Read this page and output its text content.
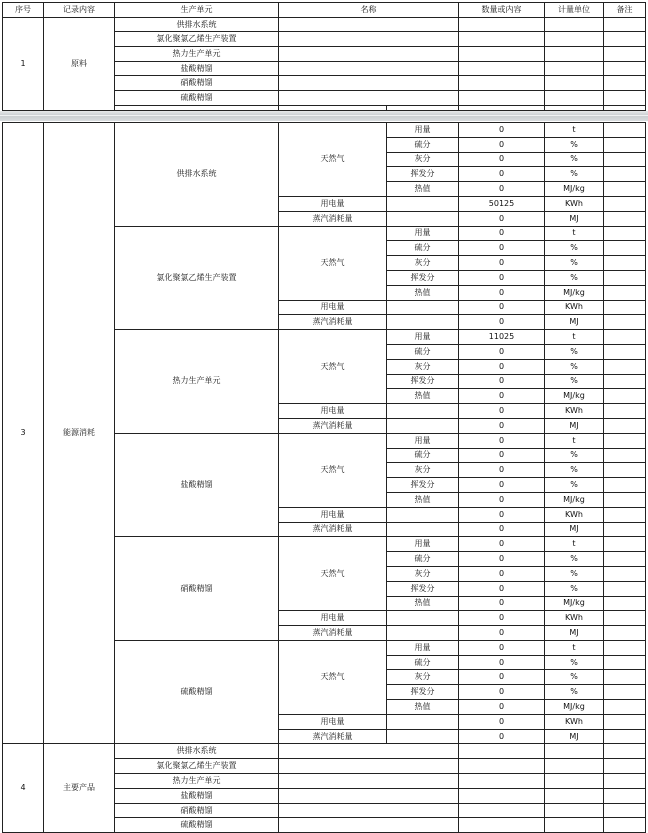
序号	记录内容	生产单元	名称		数量或内容	计量单位	备注
1	原料	供排水系统					
		氯化聚氯乙烯生产装置					
		热力生产单元					
		盐酸精馏					
		硝酸精馏					
		硫酸精馏					

3	能源消耗	供排水系统	天然气	用量	0	t	
				硫分	0	%	
				灰分	0	%	
				挥发分	0	%	
				热值	0	MJ/kg	
			用电量		50125	KWh	
			蒸汽消耗量		0	MJ	
		氯化聚氯乙烯生产装置	天然气	用量	0	t	
				硫分	0	%	
				灰分	0	%	
				挥发分	0	%	
				热值	0	MJ/kg	
			用电量		0	KWh	
			蒸汽消耗量		0	MJ	
		热力生产单元	天然气	用量	11025	t	
				硫分	0	%	
				灰分	0	%	
				挥发分	0	%	
				热值	0	MJ/kg	
			用电量		0	KWh	
			蒸汽消耗量		0	MJ	
		盐酸精馏	天然气	用量	0	t	
				硫分	0	%	
				灰分	0	%	
				挥发分	0	%	
				热值	0	MJ/kg	
			用电量		0	KWh	
			蒸汽消耗量		0	MJ	
		硝酸精馏	天然气	用量	0	t	
				硫分	0	%	
				灰分	0	%	
				挥发分	0	%	
				热值	0	MJ/kg	
			用电量		0	KWh	
			蒸汽消耗量		0	MJ	
		硫酸精馏	天然气	用量	0	t	
				硫分	0	%	
				灰分	0	%	
				挥发分	0	%	
				热值	0	MJ/kg	
			用电量		0	KWh	
			蒸汽消耗量		0	MJ	
4	主要产品	供排水系统					
		氯化聚氯乙烯生产装置					
		热力生产单元					
		盐酸精馏					
		硝酸精馏					
		硫酸精馏					
